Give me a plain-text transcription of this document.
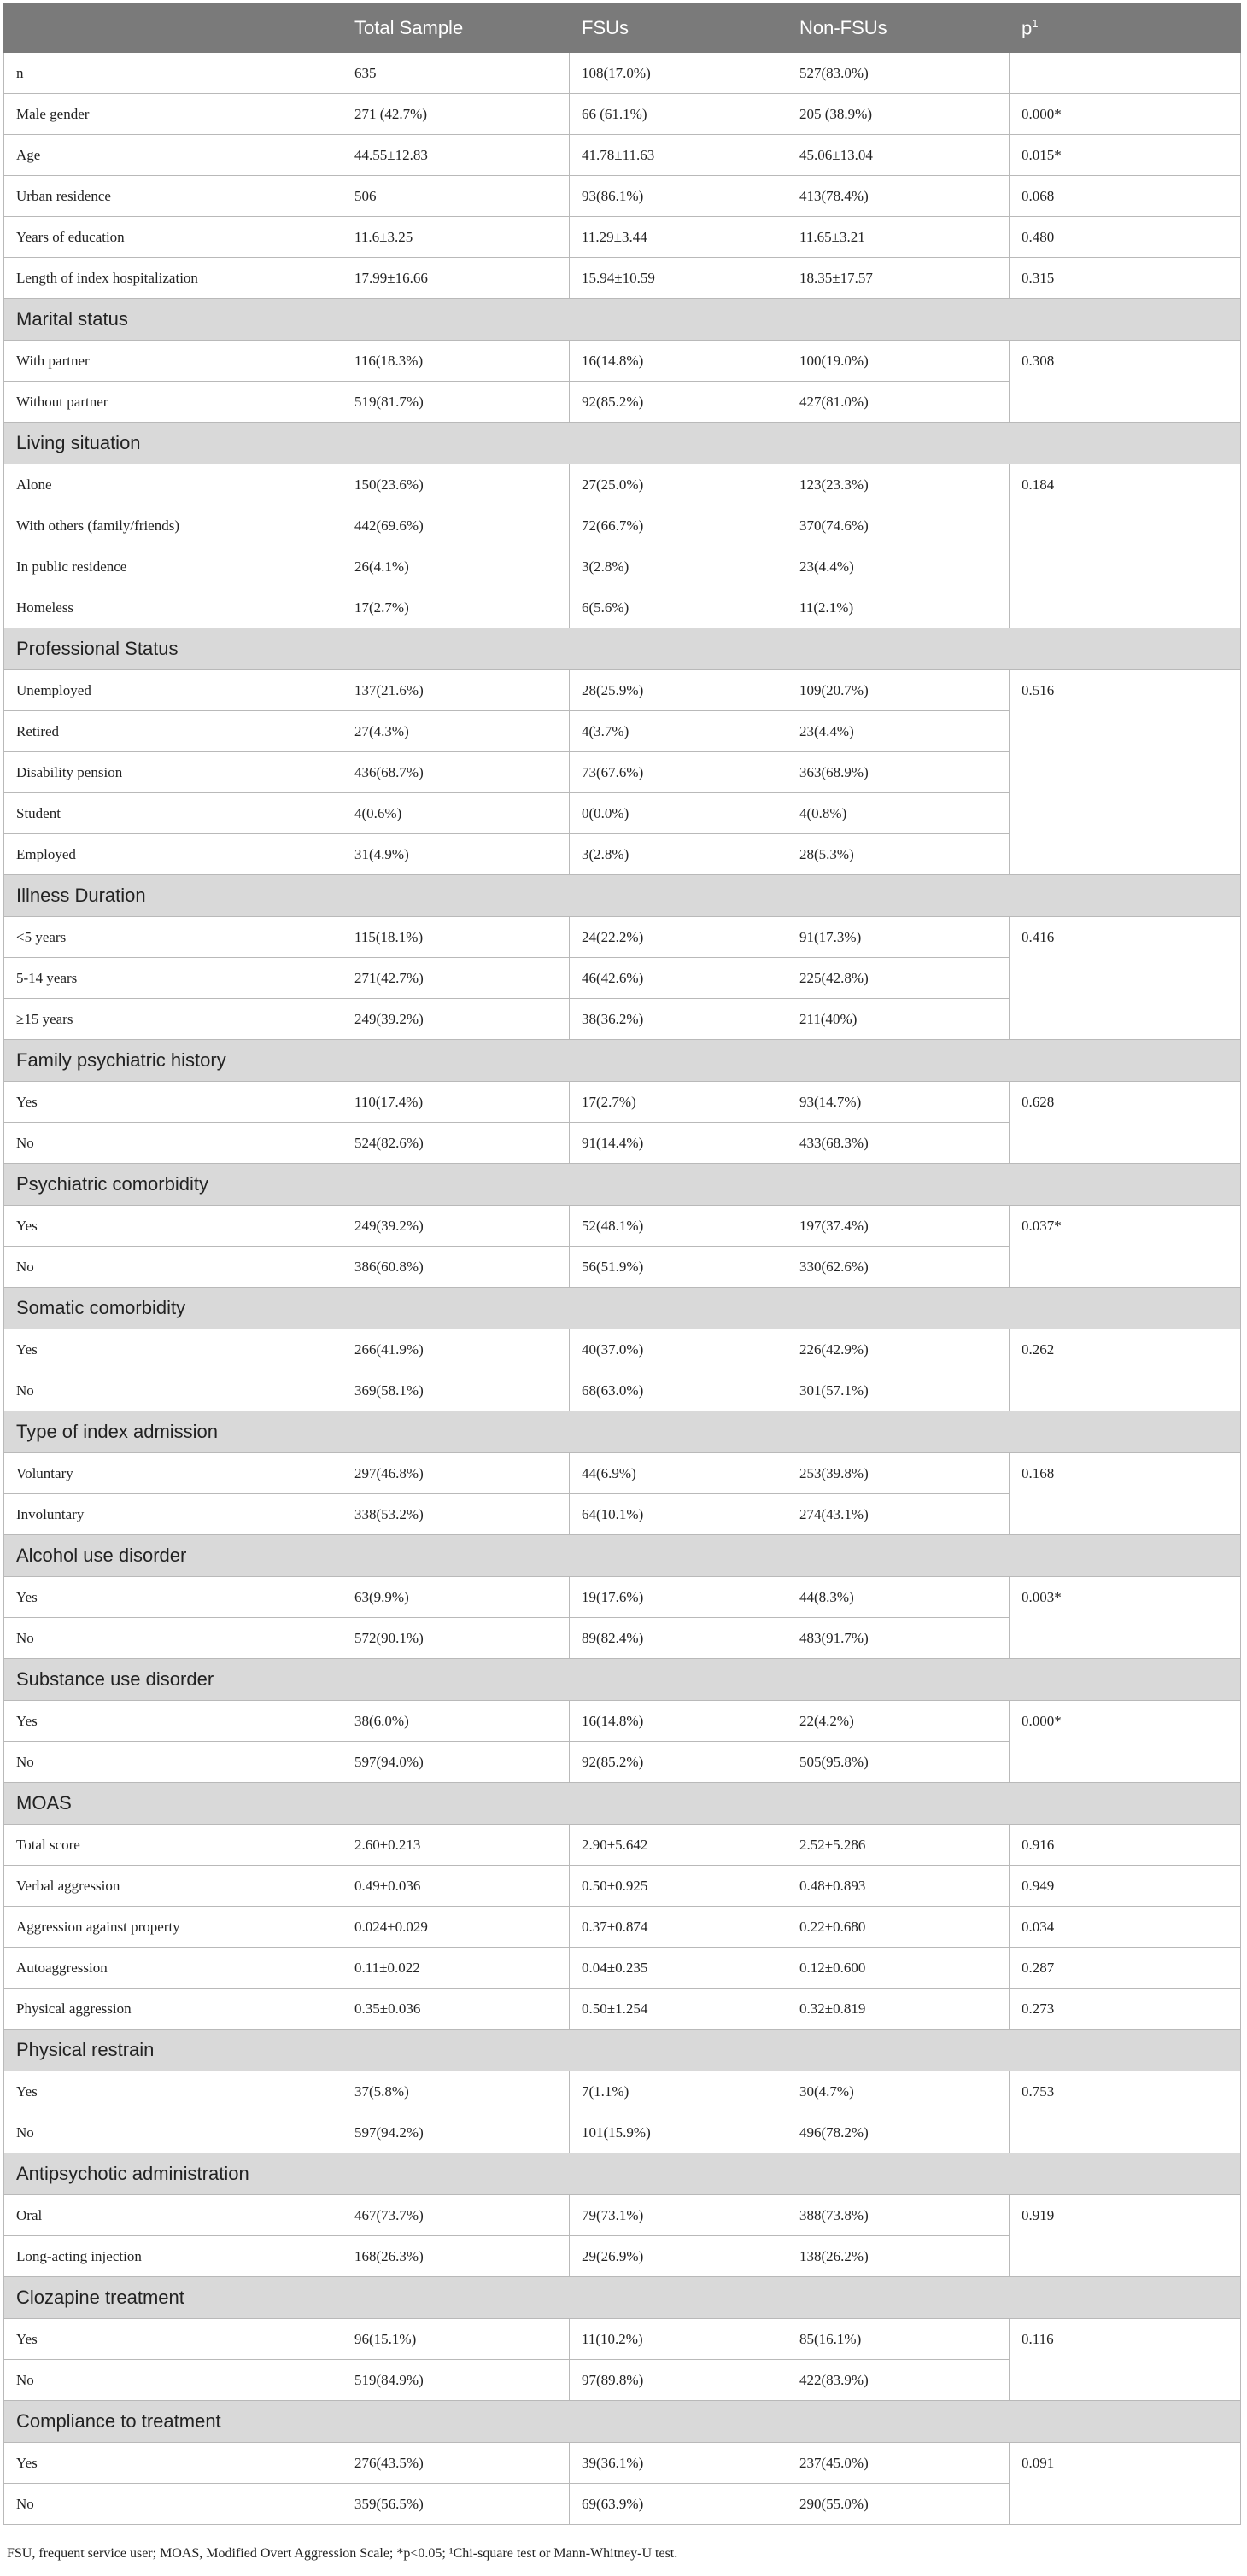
	Total Sample	FSUs	Non-FSUs	$p^1$
n	635	108(17.0%)	527(83.0%)	
Male gender	271 (42.7%)	66 (61.1%)	205 (38.9%)	0.000*
Age	44.55±12.83	41.78±11.63	45.06±13.04	0.015*
Urban residence	506	93(86.1%)	413(78.4%)	0.068
Years of education	11.6±3.25	11.29±3.44	11.65±3.21	0.480
Length of index hospitalization	17.99±16.66	15.94±10.59	18.35±17.57	0.315
Marital status				
With partner	116(18.3%)	16(14.8%)	100(19.0%)	0.308
Without partner	519(81.7%)	92(85.2%)	427(81.0%)	
Living situation				
Alone	150(23.6%)	27(25.0%)	123(23.3%)	0.184
With others (family/friends)	442(69.6%)	72(66.7%)	370(74.6%)	
In public residence	26(4.1%)	3(2.8%)	23(4.4%)	
Homeless	17(2.7%)	6(5.6%)	11(2.1%)	
Professional Status				
Unemployed	137(21.6%)	28(25.9%)	109(20.7%)	0.516
Retired	27(4.3%)	4(3.7%)	23(4.4%)	
Disability pension	436(68.7%)	73(67.6%)	363(68.9%)	
Student	4(0.6%)	0(0.0%)	4(0.8%)	
Employed	31(4.9%)	3(2.8%)	28(5.3%)	
Illness Duration				
<5 years	115(18.1%)	24(22.2%)	91(17.3%)	0.416
5-14 years	271(42.7%)	46(42.6%)	225(42.8%)	
≥15 years	249(39.2%)	38(36.2%)	211(40%)	
Family psychiatric history				
Yes	110(17.4%)	17(2.7%)	93(14.7%)	0.628
No	524(82.6%)	91(14.4%)	433(68.3%)	
Psychiatric comorbidity				
Yes	249(39.2%)	52(48.1%)	197(37.4%)	0.037*
No	386(60.8%)	56(51.9%)	330(62.6%)	
Somatic comorbidity				
Yes	266(41.9%)	40(37.0%)	226(42.9%)	0.262
No	369(58.1%)	68(63.0%)	301(57.1%)	
Type of index admission				
Voluntary	297(46.8%)	44(6.9%)	253(39.8%)	0.168
Involuntary	338(53.2%)	64(10.1%)	274(43.1%)	
Alcohol use disorder				
Yes	63(9.9%)	19(17.6%)	44(8.3%)	0.003*
No	572(90.1%)	89(82.4%)	483(91.7%)	
Substance use disorder				
Yes	38(6.0%)	16(14.8%)	22(4.2%)	0.000*
No	597(94.0%)	92(85.2%)	505(95.8%)	
MOAS				
Total score	2.60±0.213	2.90±5.642	2.52±5.286	0.916
Verbal aggression	0.49±0.036	0.50±0.925	0.48±0.893	0.949
Aggression against property	0.024±0.029	0.37±0.874	0.22±0.680	0.034
Autoaggression	0.11±0.022	0.04±0.235	0.12±0.600	0.287
Physical aggression	0.35±0.036	0.50±1.254	0.32±0.819	0.273
Physical restrain				
Yes	37(5.8%)	7(1.1%)	30(4.7%)	0.753
No	597(94.2%)	101(15.9%)	496(78.2%)	
Antipsychotic administration				
Oral	467(73.7%)	79(73.1%)	388(73.8%)	0.919
Long-acting injection	168(26.3%)	29(26.9%)	138(26.2%)	
Clozapine treatment				
Yes	96(15.1%)	11(10.2%)	85(16.1%)	0.116
No	519(84.9%)	97(89.8%)	422(83.9%)	
Compliance to treatment				
Yes	276(43.5%)	39(36.1%)	237(45.0%)	0.091
No	359(56.5%)	69(63.9%)	290(55.0%)	
FSU, frequent service user; MOAS, Modified Overt Aggression Scale; *p<0.05; ¹Chi-square test or Mann-Whitney-U test.
